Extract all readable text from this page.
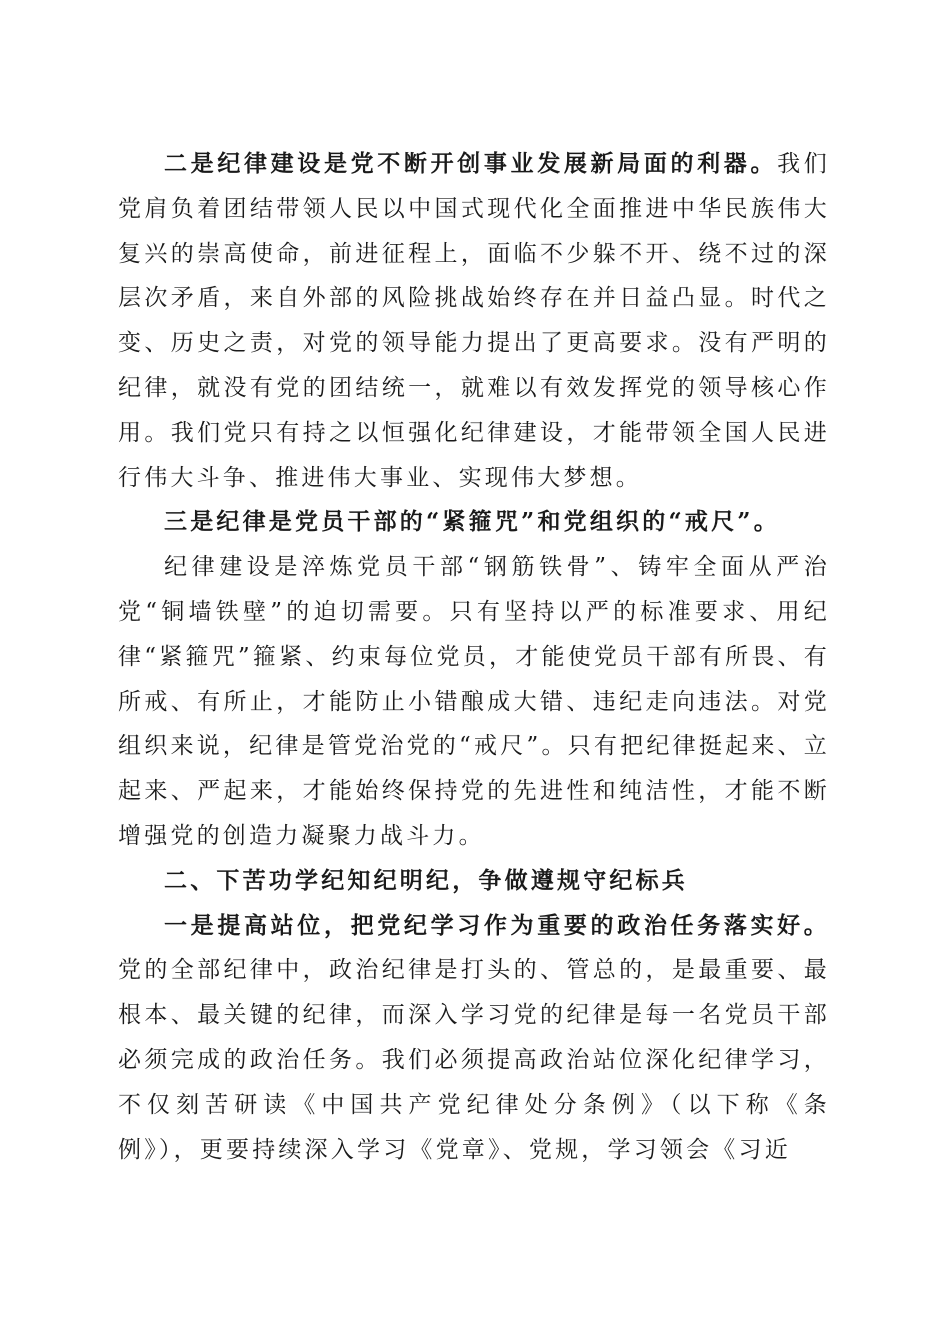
二是纪律建设是党不断开创事业发展新局面的利器。我们党肩负着团结带领人民以中国式现代化全面推进中华民族伟大复兴的崇高使命，前进征程上，面临不少躲不开、绕不过的深层次矛盾，来自外部的风险挑战始终存在并日益凸显。时代之变、历史之责，对党的领导能力提出了更高要求。没有严明的纪律，就没有党的团结统一，就难以有效发挥党的领导核心作用。我们党只有持之以恒强化纪律建设，才能带领全国人民进行伟大斗争、推进伟大事业、实现伟大梦想。

三是纪律是党员干部的“紧箍咒”和党组织的“戒尺”。

纪律建设是淬炼党员干部“钢筋铁骨”、铸牢全面从严治党“铜墙铁壁”的迫切需要。只有坚持以严的标准要求、用纪律“紧箍咒”箍紧、约束每位党员，才能使党员干部有所畏、有所戒、有所止，才能防止小错酿成大错、违纪走向违法。对党组织来说，纪律是管党治党的“戒尺”。只有把纪律挺起来、立起来、严起来，才能始终保持党的先进性和纯洁性，才能不断增强党的创造力凝聚力战斗力。

二、下苦功学纪知纪明纪，争做遵规守纪标兵

一是提高站位，把党纪学习作为重要的政治任务落实好。党的全部纪律中，政治纪律是打头的、管总的，是最重要、最根本、最关键的纪律，而深入学习党的纪律是每一名党员干部必须完成的政治任务。我们必须提高政治站位深化纪律学习，不仅刻苦研读《中国共产党纪律处分条例》（以下称《条例》），更要持续深入学习《党章》、党规，学习领会《习近
